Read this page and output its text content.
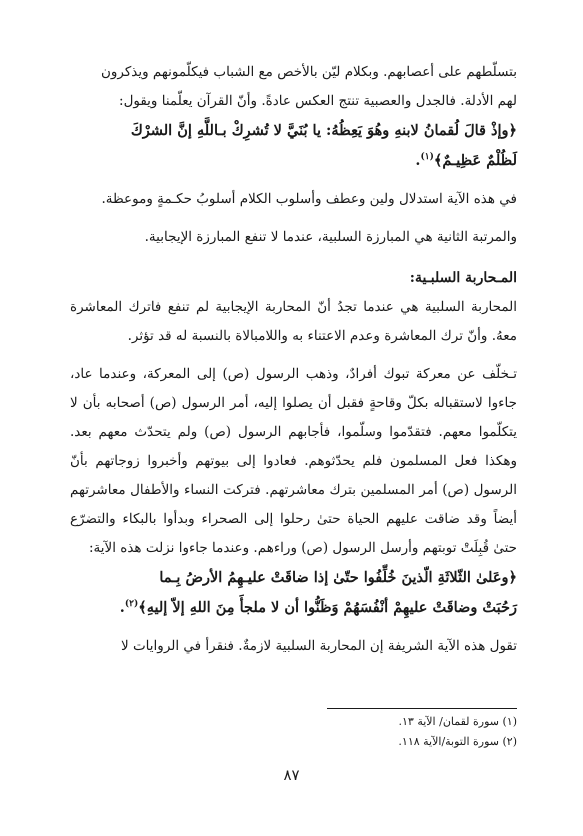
بتسلّطهم على أعصابهم. وبكلام ليّن بالأخص مع الشباب فيكلّمونهم ويذكرون
لهم الأدلة. فالجدل والعصبية تنتج العكس عادةً. وأنّ القرآن يعلّمنا ويقول:

﴿وإذْ قالَ لُقمانُ لابنهِ وهُوَ يَعِظُهُ: يا بُنَيَّ لا تُشرِكْ بـاللَّهِ إنَّ الشرْكَ
لَظُلْمٌ عَظِيـمٌ﴾$^{(١)}$.

في هذه الآية استدلال ولين وعطف وأسلوب الكلام أسلوبُ حكـمةٍ وموعظة.

والمرتبة الثانية هي المبارزة السلبية، عندما لا تنفع المبارزة الإيجابية.

المـحاربة السلبـية:

المحاربة السلبية هي عندما تجدُ أنّ المحاربة الإيجابية لم تنفع فاترك المعاشرة معهُ. وأنّ ترك المعاشرة وعدم الاعتناء به واللامبالاة بالنسبة له قد تؤثر.

تـخلّف عن معركة تبوك أفرادٌ، وذهب الرسول (ص) إلى المعركة، وعندما عاد، جاءوا لاستقباله بكلّ وقاحةٍ فقبل أن يصلوا إليه، أمر الرسول (ص) أصحابه بأن لا يتكلّموا معهم. فتقدّموا وسلّموا، فأجابهم الرسول (ص) ولم يتحدّث معهم بعد. وهكذا فعل المسلمون فلم يحدّثوهم. فعادوا إلى بيوتهم وأخبروا زوجاتهم بأنّ الرسول (ص) أمر المسلمين بترك معاشرتهم. فتركت النساء والأطفال معاشرتهم أيضاً وقد ضاقت عليهم الحياة حتىٰ رحلوا إلى الصحراء وبدأوا بالبكاء والتضرّع حتىٰ قُبِلَتْ توبتهم وأرسل الرسول (ص) وراءهم. وعندما جاءوا نزلت هذه الآية:

﴿وعَلىٰ الثّلاثَةِ الّذينَ خُلِّفُوا حتّىٰ إذا ضاقَتْ عليـهِمُ الأرضُ بِـما
رَحُبَتْ وضاقَتْ عليهِمْ أنْفُسَهُمْ وَظَنُّوا أن لا ملجأَ مِنَ اللهِ إلاّ إليهِ﴾$^{(٢)}$.

تقول هذه الآية الشريفة إن المحاربة السلبية لازمةٌ. فنقرأ في الروايات لا

(١) سورة لقمان/ الآية ١٣.

(٢) سورة التوبة/الآية ١١٨.

٨٧
